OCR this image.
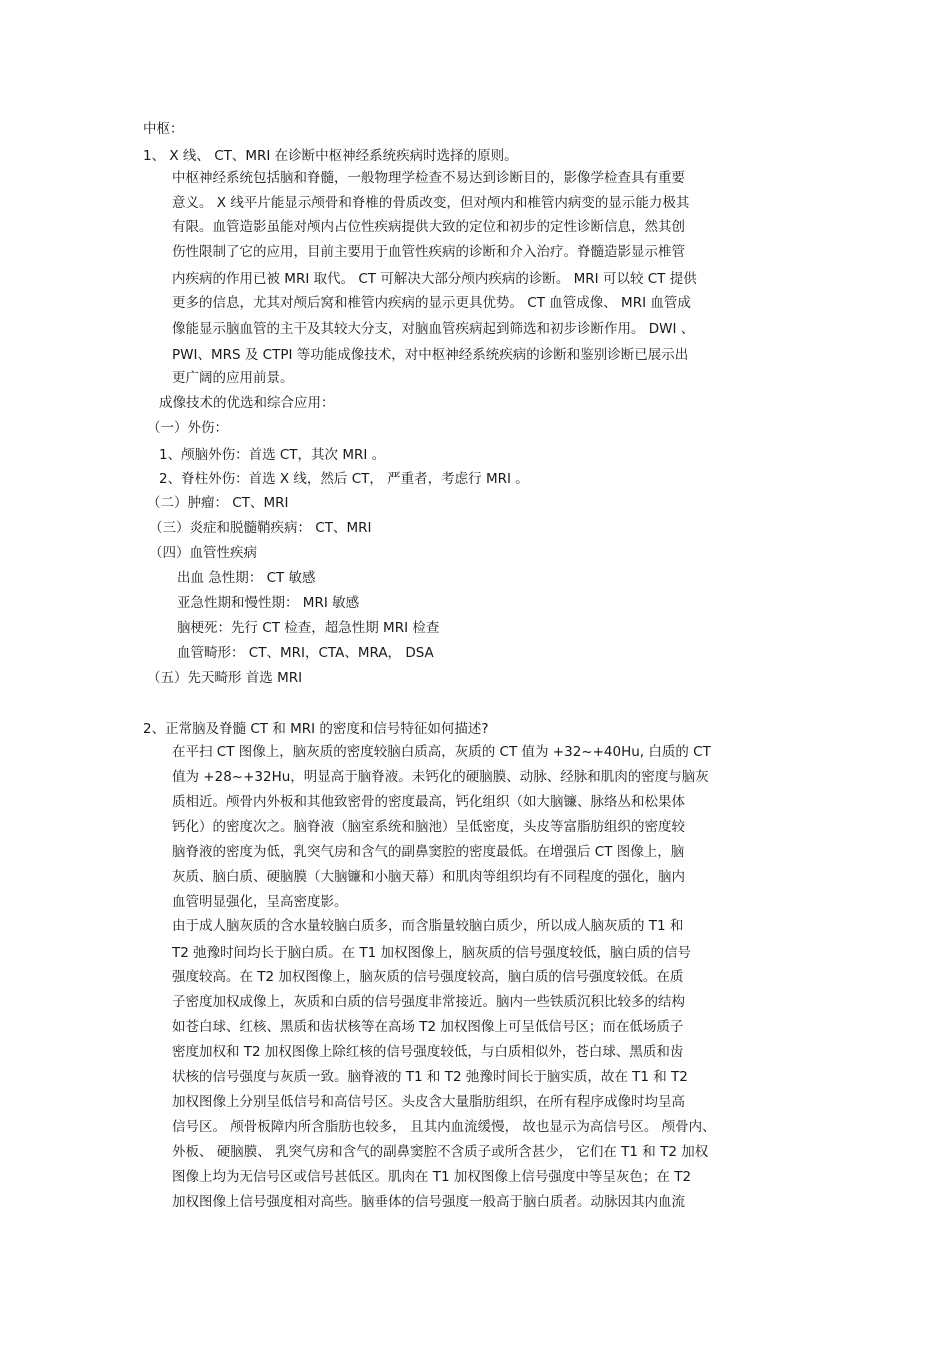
中枢：
1、 X 线、 CT、MRI 在诊断中枢神经系统疾病时选择的原则。
中枢神经系统包括脑和脊髓，一般物理学检查不易达到诊断目的，影像学检查具有重要
意义。 X 线平片能显示颅骨和脊椎的骨质改变，但对颅内和椎管内病变的显示能力极其
有限。血管造影虽能对颅内占位性疾病提供大致的定位和初步的定性诊断信息，然其创
伤性限制了它的应用，目前主要用于血管性疾病的诊断和介入治疗。脊髓造影显示椎管
内疾病的作用已被 MRI 取代。 CT 可解决大部分颅内疾病的诊断。 MRI 可以较 CT 提供
更多的信息，尤其对颅后窝和椎管内疾病的显示更具优势。 CT 血管成像、 MRI 血管成
像能显示脑血管的主干及其较大分支，对脑血管疾病起到筛选和初步诊断作用。 DWI 、
PWI、MRS 及 CTPI 等功能成像技术，对中枢神经系统疾病的诊断和鉴别诊断已展示出
更广阔的应用前景。
成像技术的优选和综合应用：
（一）外伤：
1、颅脑外伤：首选 CT，其次 MRI 。
2、脊柱外伤：首选 X 线，然后 CT， 严重者，考虑行 MRI 。
（二）肿瘤： CT、MRI
（三）炎症和脱髓鞘疾病： CT、MRI
（四）血管性疾病
出血 急性期： CT 敏感
亚急性期和慢性期： MRI 敏感
脑梗死：先行 CT 检查，超急性期 MRI 检查
血管畸形： CT、MRI，CTA、MRA， DSA
（五）先天畸形 首选 MRI
2、正常脑及脊髓 CT 和 MRI 的密度和信号特征如何描述?
在平扫 CT 图像上，脑灰质的密度较脑白质高，灰质的 CT 值为 +32~+40Hu, 白质的 CT
值为 +28~+32Hu，明显高于脑脊液。未钙化的硬脑膜、动脉、经脉和肌肉的密度与脑灰
质相近。颅骨内外板和其他致密骨的密度最高，钙化组织（如大脑镰、脉络丛和松果体
钙化）的密度次之。脑脊液（脑室系统和脑池）呈低密度，头皮等富脂肪组织的密度较
脑脊液的密度为低，乳突气房和含气的副鼻窦腔的密度最低。在增强后 CT 图像上，脑
灰质、脑白质、硬脑膜（大脑镰和小脑天幕）和肌肉等组织均有不同程度的强化，脑内
血管明显强化，呈高密度影。
由于成人脑灰质的含水量较脑白质多，而含脂量较脑白质少，所以成人脑灰质的 T1 和
T2 弛豫时间均长于脑白质。在 T1 加权图像上，脑灰质的信号强度较低，脑白质的信号
强度较高。在 T2 加权图像上，脑灰质的信号强度较高，脑白质的信号强度较低。在质
子密度加权成像上，灰质和白质的信号强度非常接近。脑内一些铁质沉积比较多的结构
如苍白球、红核、黑质和齿状核等在高场 T2 加权图像上可呈低信号区；而在低场质子
密度加权和 T2 加权图像上除红核的信号强度较低，与白质相似外，苍白球、黑质和齿
状核的信号强度与灰质一致。脑脊液的 T1 和 T2 弛豫时间长于脑实质，故在 T1 和 T2
加权图像上分别呈低信号和高信号区。头皮含大量脂肪组织，在所有程序成像时均呈高
信号区。 颅骨板障内所含脂肪也较多， 且其内血流缓慢， 故也显示为高信号区。 颅骨内、
外板、 硬脑膜、 乳突气房和含气的副鼻窦腔不含质子或所含甚少， 它们在 T1 和 T2 加权
图像上均为无信号区或信号甚低区。肌肉在 T1 加权图像上信号强度中等呈灰色；在 T2
加权图像上信号强度相对高些。脑垂体的信号强度一般高于脑白质者。动脉因其内血流
